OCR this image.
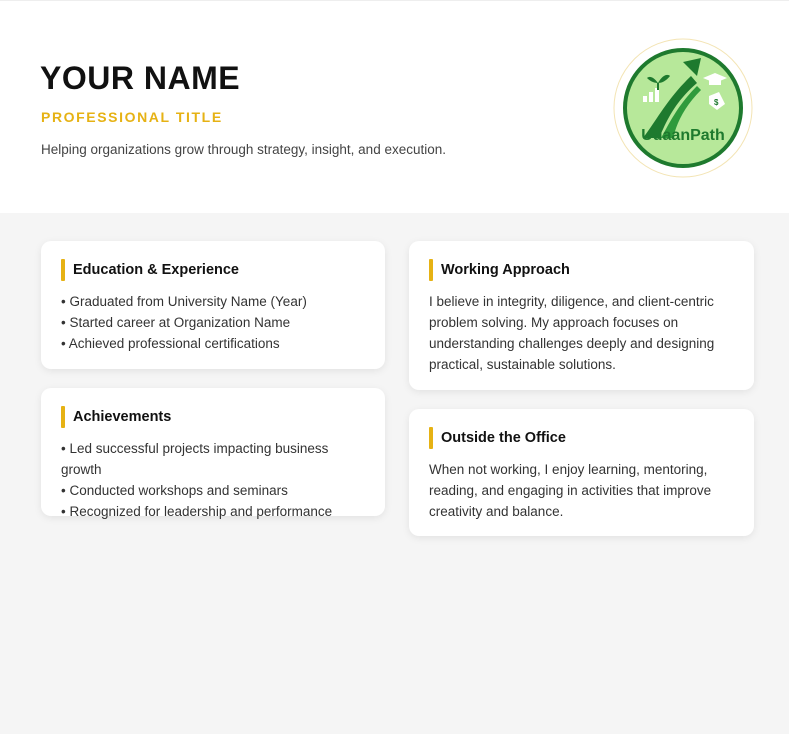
YOUR NAME
PROFESSIONAL TITLE
Helping organizations grow through strategy, insight, and execution.
$
UdaanPath
Education & Experience
• Graduated from University Name (Year)
• Started career at Organization Name
• Achieved professional certifications
Achievements
• Led successful projects impacting business growth
• Conducted workshops and seminars
• Recognized for leadership and performance
Working Approach

I believe in integrity, diligence, and client-centric problem solving. My approach focuses on understanding challenges deeply and designing practical, sustainable solutions.

Outside the Office

When not working, I enjoy learning, mentoring, reading, and engaging in activities that improve creativity and balance.
